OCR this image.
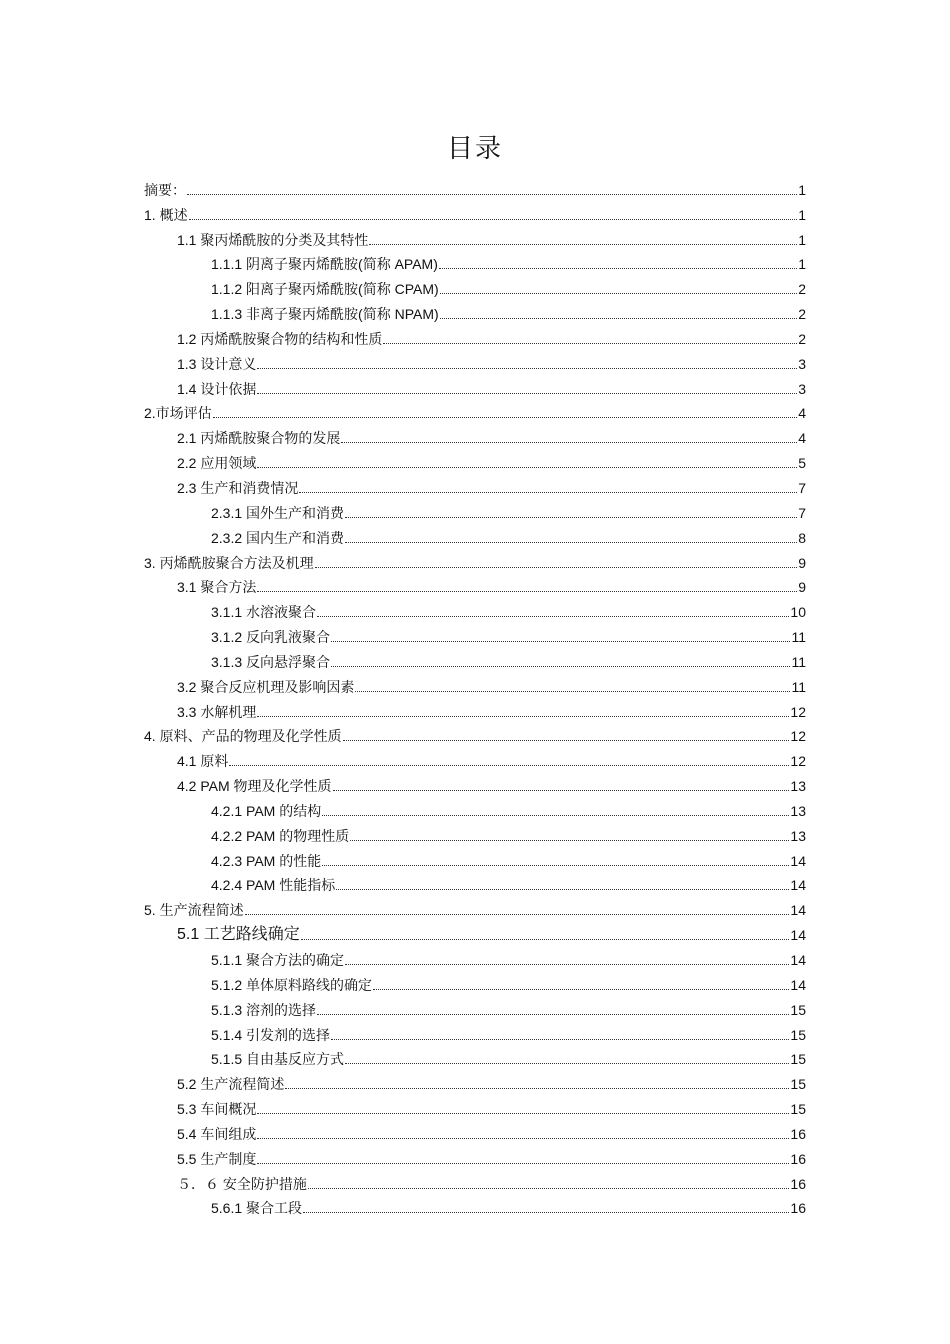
目录
摘要：	1
1. 概述	1
1.1 聚丙烯酰胺的分类及其特性	1
1.1.1 阴离子聚丙烯酰胺(简称 APAM)	1
1.1.2 阳离子聚丙烯酰胺(简称 CPAM)	2
1.1.3 非离子聚丙烯酰胺(简称 NPAM)	2
1.2 丙烯酰胺聚合物的结构和性质	2
1.3 设计意义	3
1.4 设计依据	3
2.市场评估	4
2.1 丙烯酰胺聚合物的发展	4
2.2 应用领域	5
2.3 生产和消费情况	7
2.3.1 国外生产和消费	7
2.3.2 国内生产和消费	8
3. 丙烯酰胺聚合方法及机理	9
3.1 聚合方法	9
3.1.1 水溶液聚合	10
3.1.2 反向乳液聚合	11
3.1.3 反向悬浮聚合	11
3.2 聚合反应机理及影响因素	11
3.3 水解机理	12
4. 原料、产品的物理及化学性质	12
4.1 原料	12
4.2 PAM 物理及化学性质	13
4.2.1 PAM 的结构	13
4.2.2 PAM 的物理性质	13
4.2.3 PAM 的性能	14
4.2.4 PAM 性能指标	14
5. 生产流程简述	14
5.1 工艺路线确定	14
5.1.1 聚合方法的确定	14
5.1.2 单体原料路线的确定	14
5.1.3 溶剂的选择	15
5.1.4 引发剂的选择	15
5.1.5 自由基反应方式	15
5.2 生产流程简述	15
5.3 车间概况	15
5.4 车间组成	16
5.5 生产制度	16
５．６ 安全防护措施	16
5.6.1 聚合工段	16
